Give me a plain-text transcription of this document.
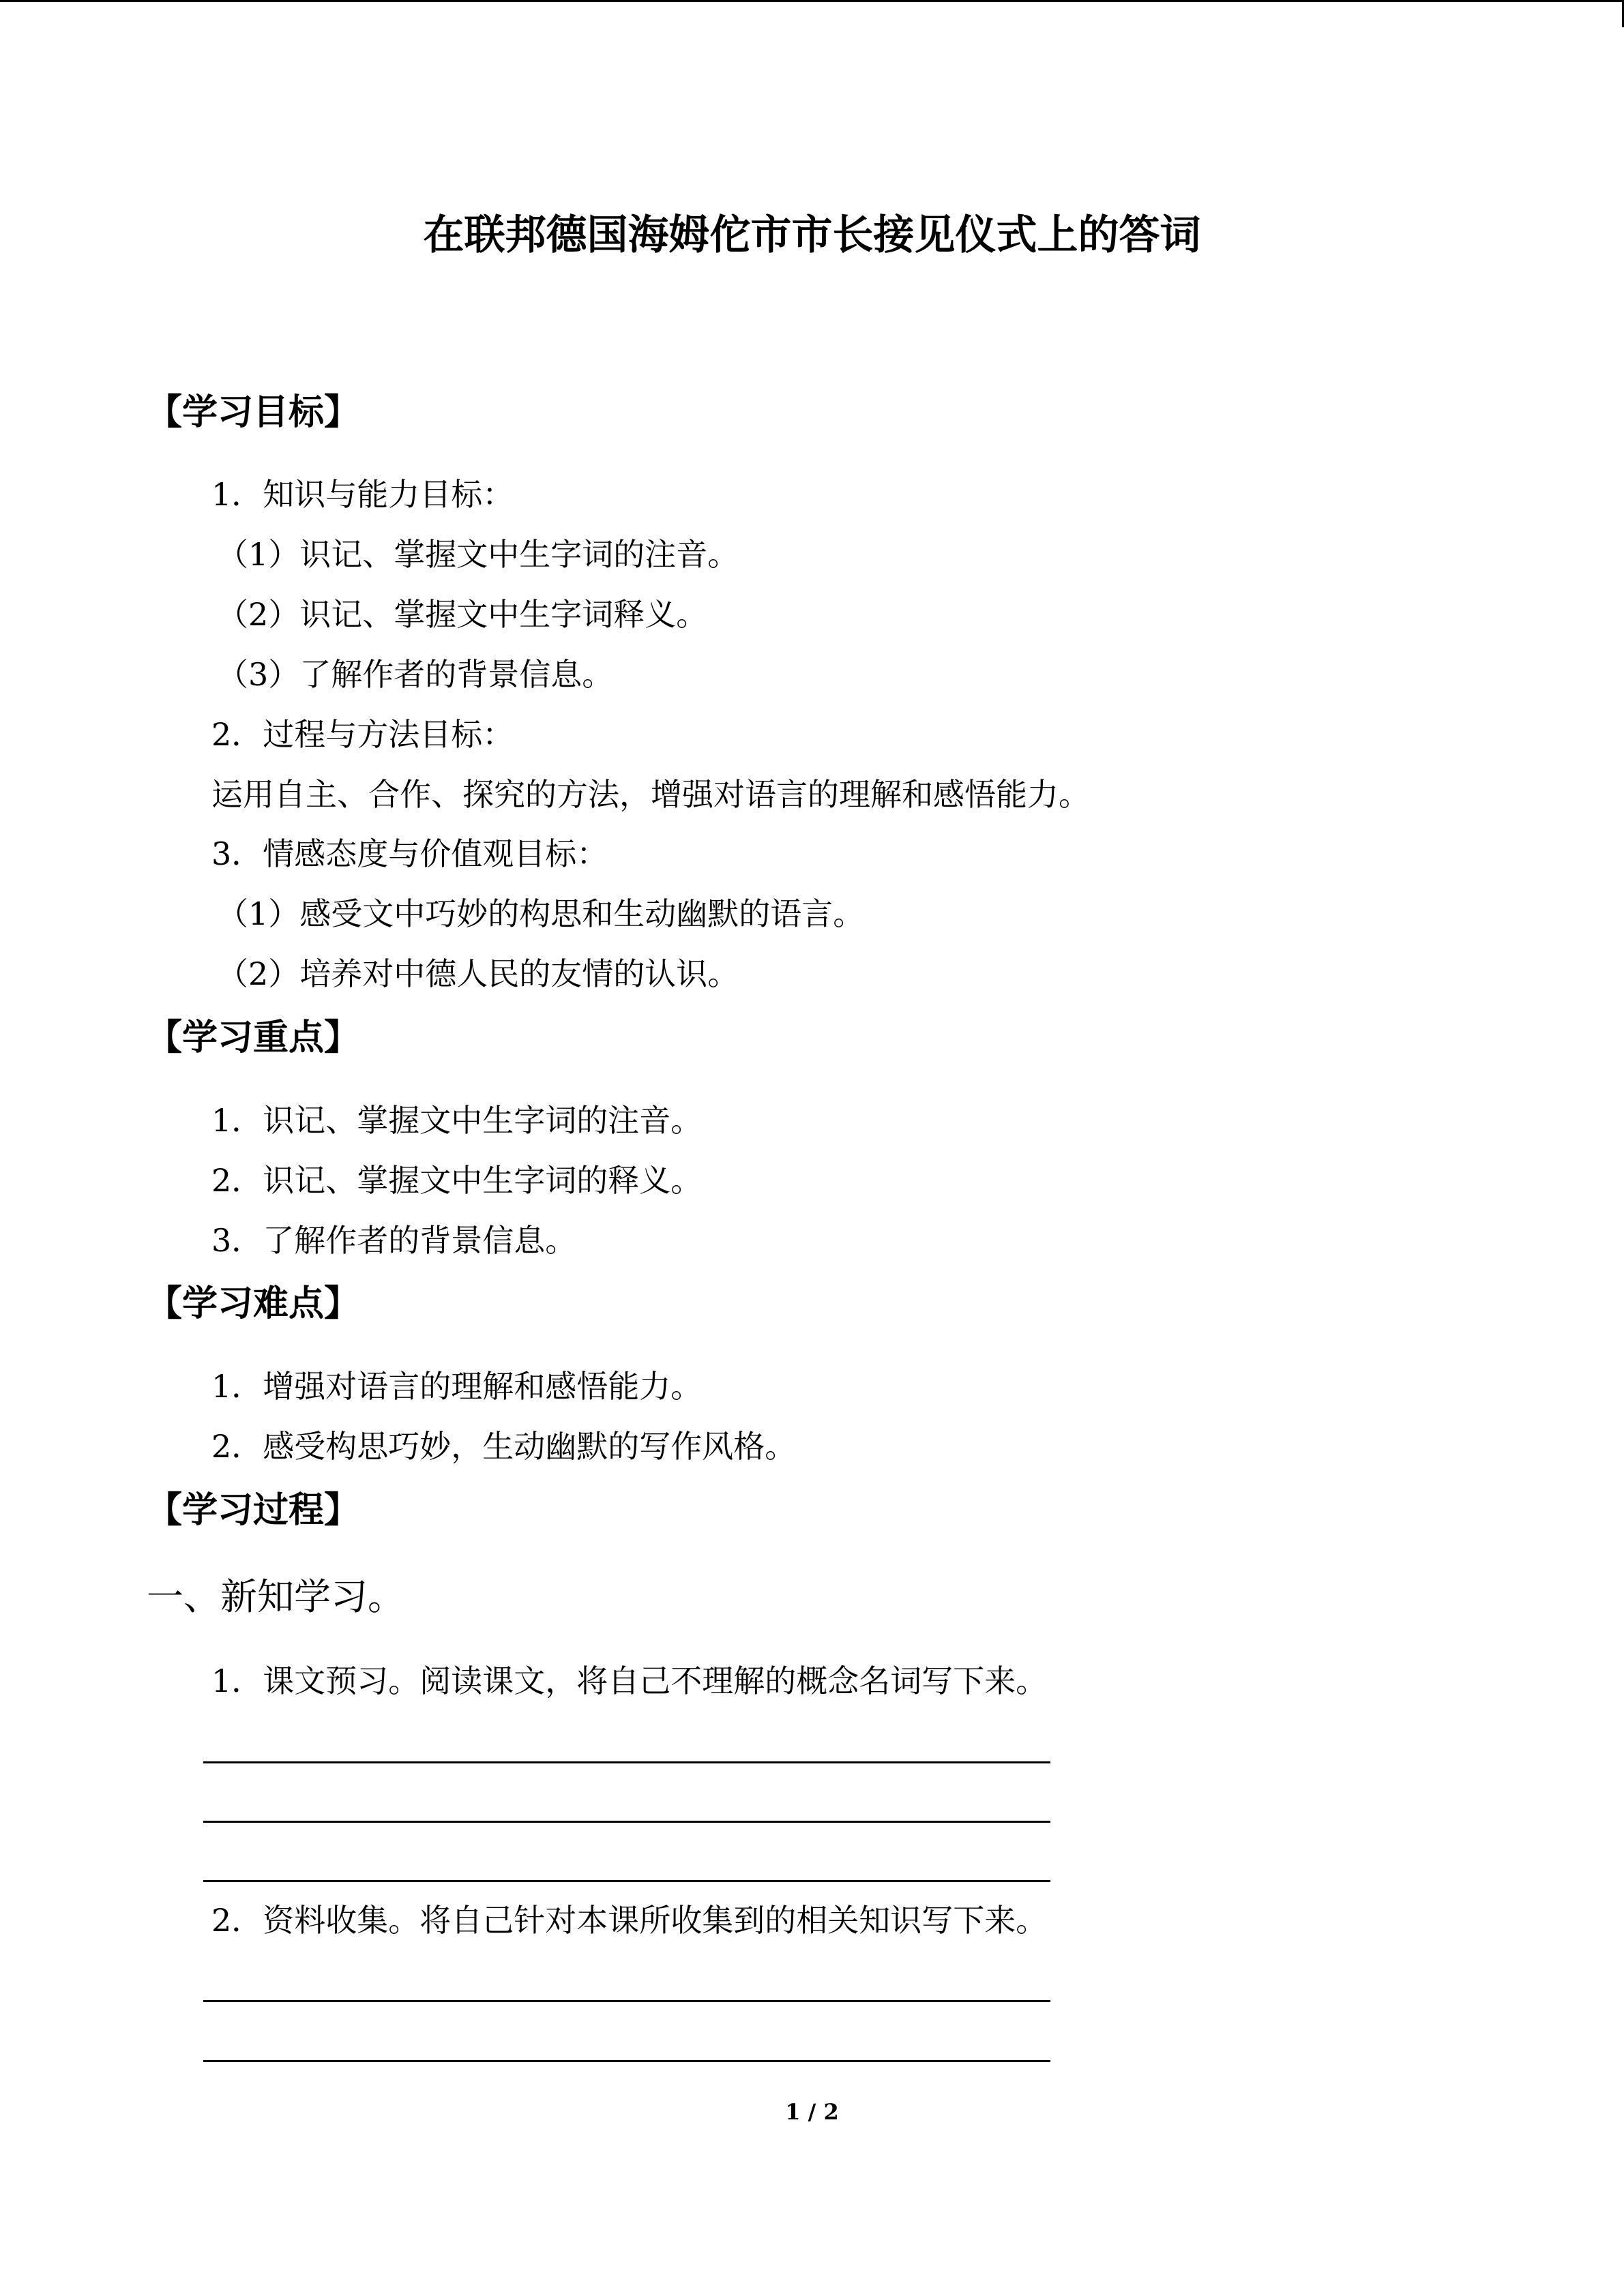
在联邦德国海姆佗市市长接见仪式上的答词
【学习目标】

1．知识与能力目标：

（1）识记、掌握文中生字词的注音。

（2）识记、掌握文中生字词释义。

（3）了解作者的背景信息。

2．过程与方法目标：

运用自主、合作、探究的方法，增强对语言的理解和感悟能力。

3．情感态度与价值观目标：

（1）感受文中巧妙的构思和生动幽默的语言。

（2）培养对中德人民的友情的认识。

【学习重点】

1．识记、掌握文中生字词的注音。

2．识记、掌握文中生字词的释义。

3．了解作者的背景信息。

【学习难点】

1．增强对语言的理解和感悟能力。

2．感受构思巧妙，生动幽默的写作风格。

【学习过程】

一、新知学习。

1．课文预习。阅读课文，将自己不理解的概念名词写下来。

2．资料收集。将自己针对本课所收集到的相关知识写下来。

1 / 2
